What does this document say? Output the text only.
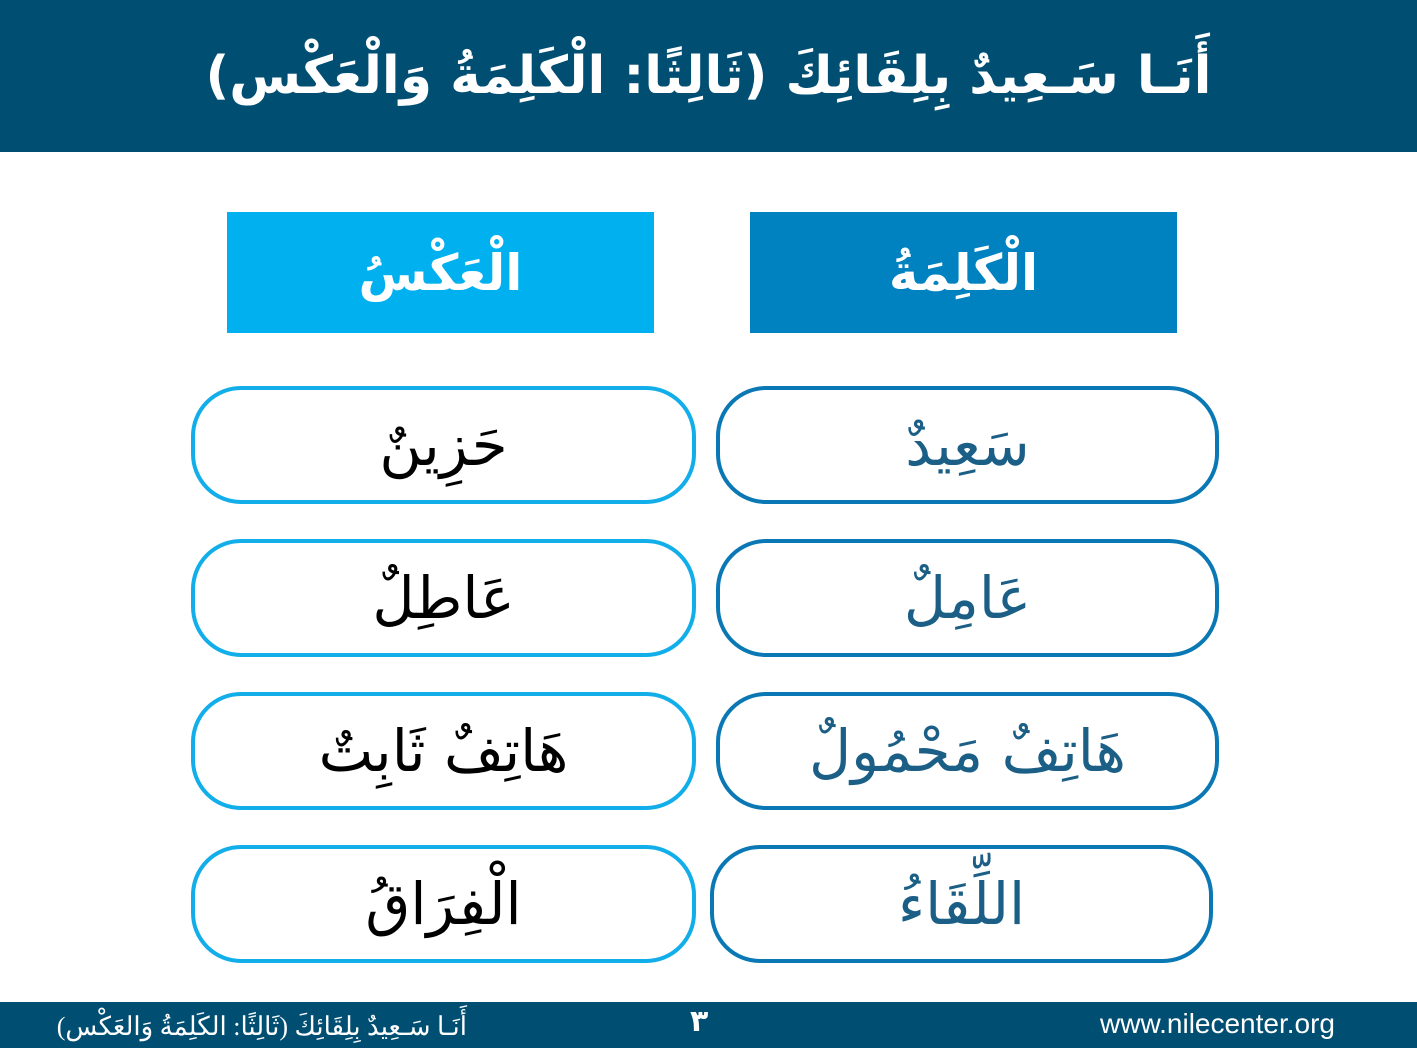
أَنَـا سَـعِيدٌ بِلِقَائِكَ (ثَالِثًا: الْكَلِمَةُ وَالْعَكْس)
الْكَلِمَةُ
الْعَكْسُ
سَعِيدٌ
حَزِينٌ
عَامِلٌ
عَاطِلٌ
هَاتِفٌ مَحْمُولٌ
هَاتِفٌ ثَابِتٌ
اللِّقَاءُ
الْفِرَاقُ
أَنَـا سَـعِيدٌ بِلِقَائِكَ (ثَالِثًا: الكَلِمَةُ وَالعَكْس)	٣	www.nilecenter.org
